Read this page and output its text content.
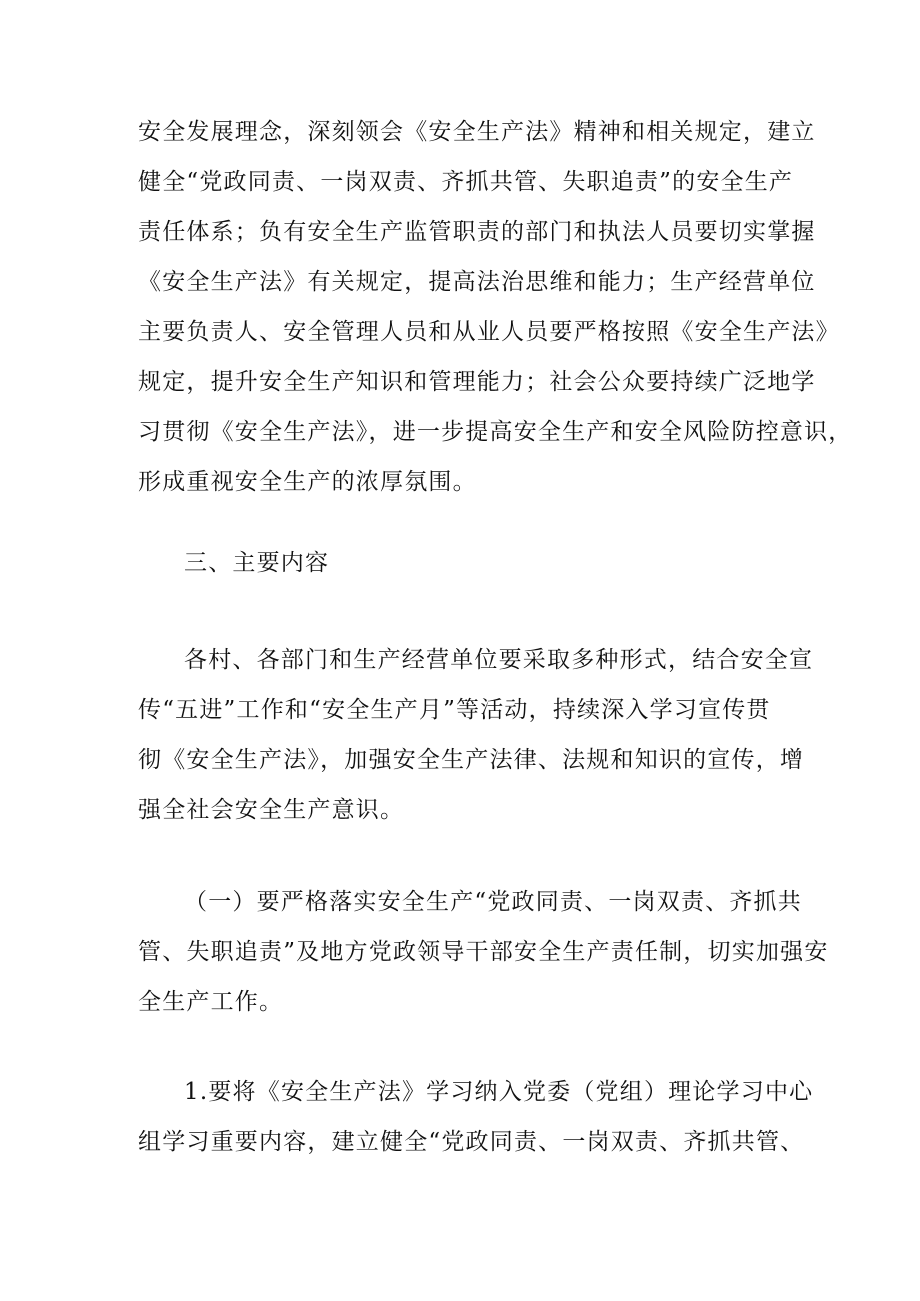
安全发展理念，深刻领会《安全生产法》精神和相关规定，建立
健全“党政同责、一岗双责、齐抓共管、失职追责”的安全生产
责任体系；负有安全生产监管职责的部门和执法人员要切实掌握
《安全生产法》有关规定，提高法治思维和能力；生产经营单位
主要负责人、安全管理人员和从业人员要严格按照《安全生产法》
规定，提升安全生产知识和管理能力；社会公众要持续广泛地学
习贯彻《安全生产法》，进一步提高安全生产和安全风险防控意识，
形成重视安全生产的浓厚氛围。

三、主要内容

各村、各部门和生产经营单位要采取多种形式，结合安全宣
传“五进”工作和“安全生产月”等活动，持续深入学习宣传贯
彻《安全生产法》，加强安全生产法律、法规和知识的宣传，增
强全社会安全生产意识。

（一）要严格落实安全生产“党政同责、一岗双责、齐抓共
管、失职追责”及地方党政领导干部安全生产责任制，切实加强安
全生产工作。

1.要将《安全生产法》学习纳入党委（党组）理论学习中心
组学习重要内容，建立健全“党政同责、一岗双责、齐抓共管、
